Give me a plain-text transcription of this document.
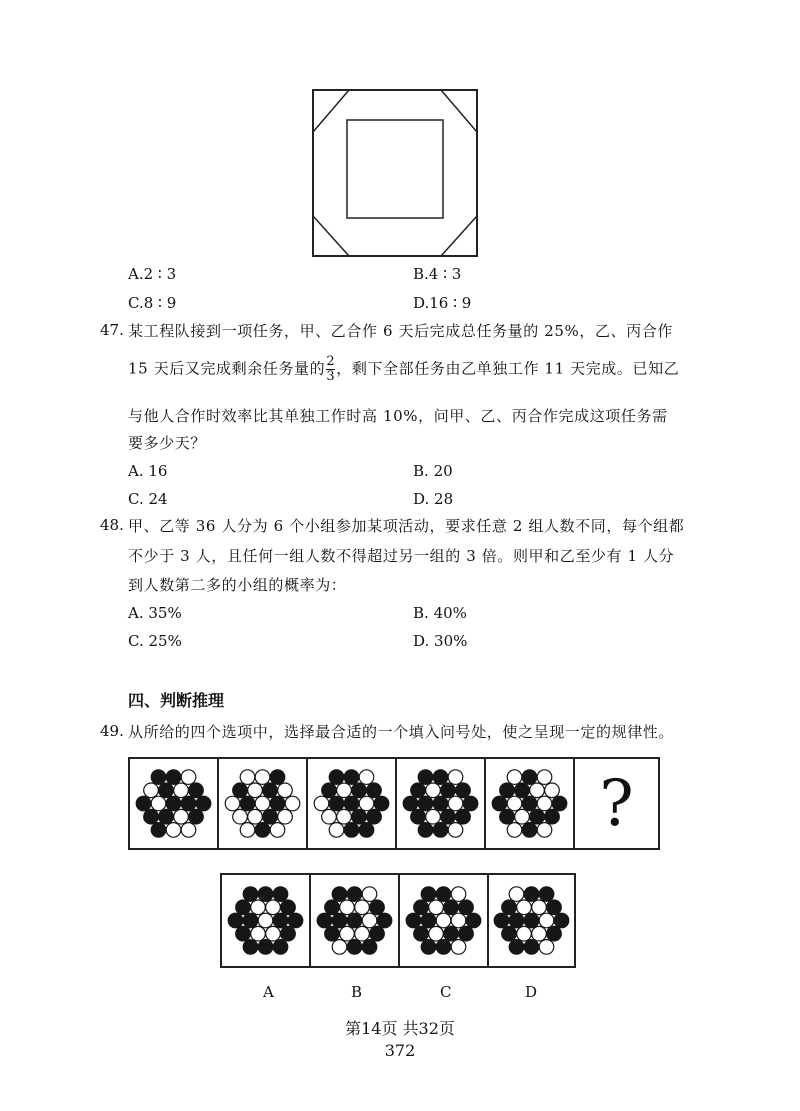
A.2 ∶ 3	B.4 ∶ 3
C.8 ∶ 9	D.16 ∶ 9
47. 某工程队接到一项任务，甲、乙合作 6 天后完成总任务量的 25%，乙、丙合作
15 天后又完成剩余任务量的 $\frac{2}{3}$ ，剩下全部任务由乙单独工作 11 天完成。已知乙
与他人合作时效率比其单独工作时高 10%，问甲、乙、丙合作完成这项任务需
要多少天？
A. 16	B. 20
C. 24	D. 28
48. 甲、乙等 36 人分为 6 个小组参加某项活动，要求任意 2 组人数不同，每个组都
不少于 3 人，且任何一组人数不得超过另一组的 3 倍。则甲和乙至少有 1 人分
到人数第二多的小组的概率为：
A. 35%	B. 40%
C. 25%	D. 30%
四、判断推理
49. 从所给的四个选项中，选择最合适的一个填入问号处，使之呈现一定的规律性。
?
A	B	C	D
第14页 共32页
372
